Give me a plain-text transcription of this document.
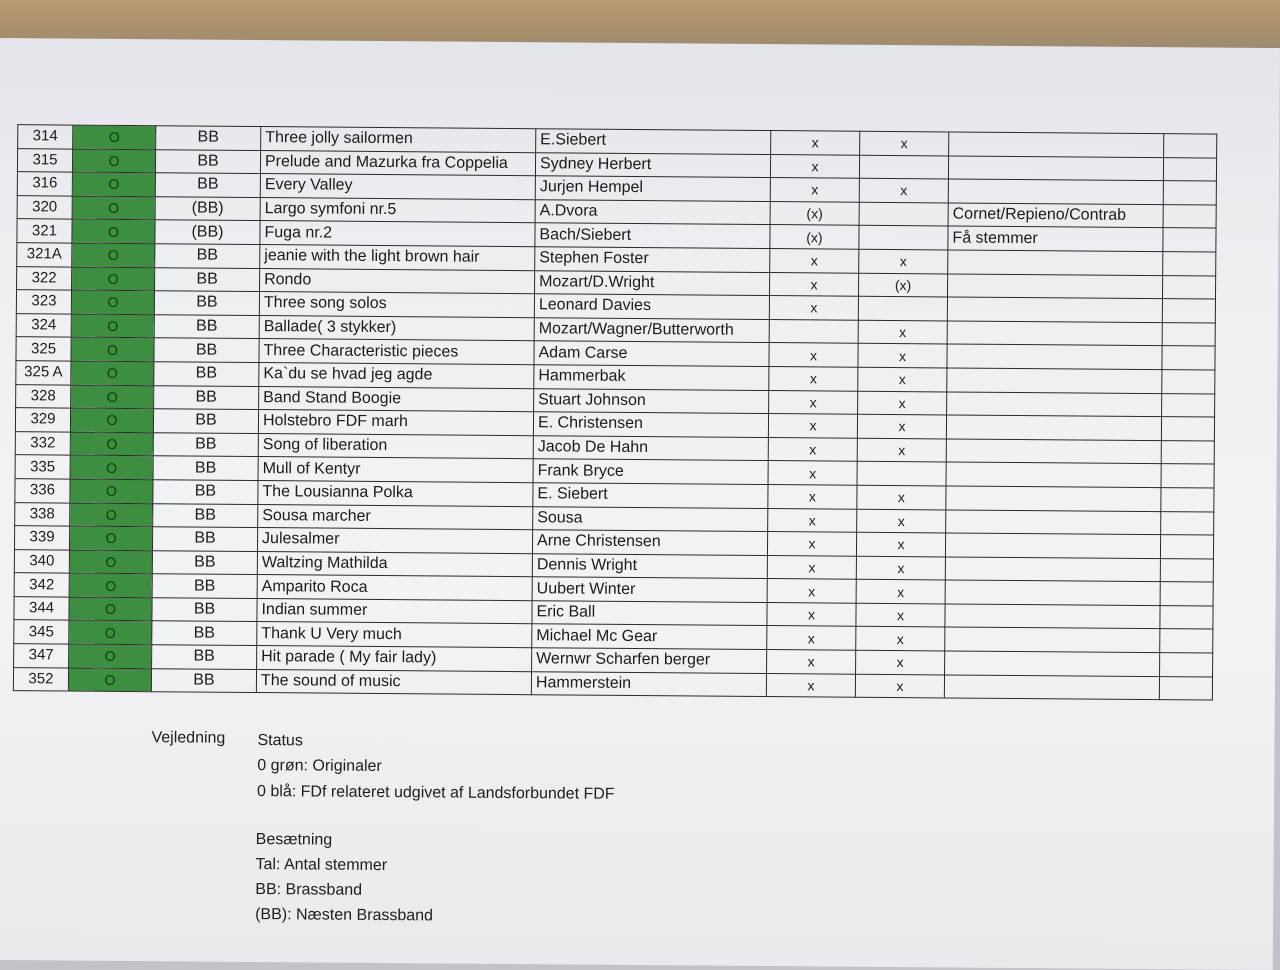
314	O	BB	Three jolly sailormen	E.Siebert	x	x		
315	O	BB	Prelude and Mazurka fra Coppelia	Sydney Herbert	x			
316	O	BB	Every Valley	Jurjen Hempel	x	x		
320	O	(BB)	Largo symfoni nr.5	A.Dvora	(x)		Cornet/Repieno/Contrab	
321	O	(BB)	Fuga nr.2	Bach/Siebert	(x)		Få stemmer	
321A	O	BB	jeanie with the light brown hair	Stephen Foster	x	x		
322	O	BB	Rondo	Mozart/D.Wright	x	(x)		
323	O	BB	Three song solos	Leonard Davies	x			
324	O	BB	Ballade( 3 stykker)	Mozart/Wagner/Butterworth		x		
325	O	BB	Three Characteristic pieces	Adam Carse	x	x		
325 A	O	BB	Ka`du se hvad jeg agde	Hammerbak	x	x		
328	O	BB	Band Stand Boogie	Stuart Johnson	x	x		
329	O	BB	Holstebro FDF marh	E. Christensen	x	x		
332	O	BB	Song of liberation	Jacob De Hahn	x	x		
335	O	BB	Mull of Kentyr	Frank Bryce	x			
336	O	BB	The Lousianna Polka	E. Siebert	x	x		
338	O	BB	Sousa marcher	Sousa	x	x		
339	O	BB	Julesalmer	Arne Christensen	x	x		
340	O	BB	Waltzing Mathilda	Dennis Wright	x	x		
342	O	BB	Amparito Roca	Uubert Winter	x	x		
344	O	BB	Indian summer	Eric Ball	x	x		
345	O	BB	Thank U Very much	Michael Mc Gear	x	x		
347	O	BB	Hit parade ( My fair lady)	Wernwr Scharfen berger	x	x		
352	O	BB	The sound of music	Hammerstein	x	x		
Vejledning Status
0 grøn: Originaler
0 blå: FDf relateret udgivet af Landsforbundet FDF
Besætning
Tal: Antal stemmer
BB: Brassband
(BB): Næsten Brassband
